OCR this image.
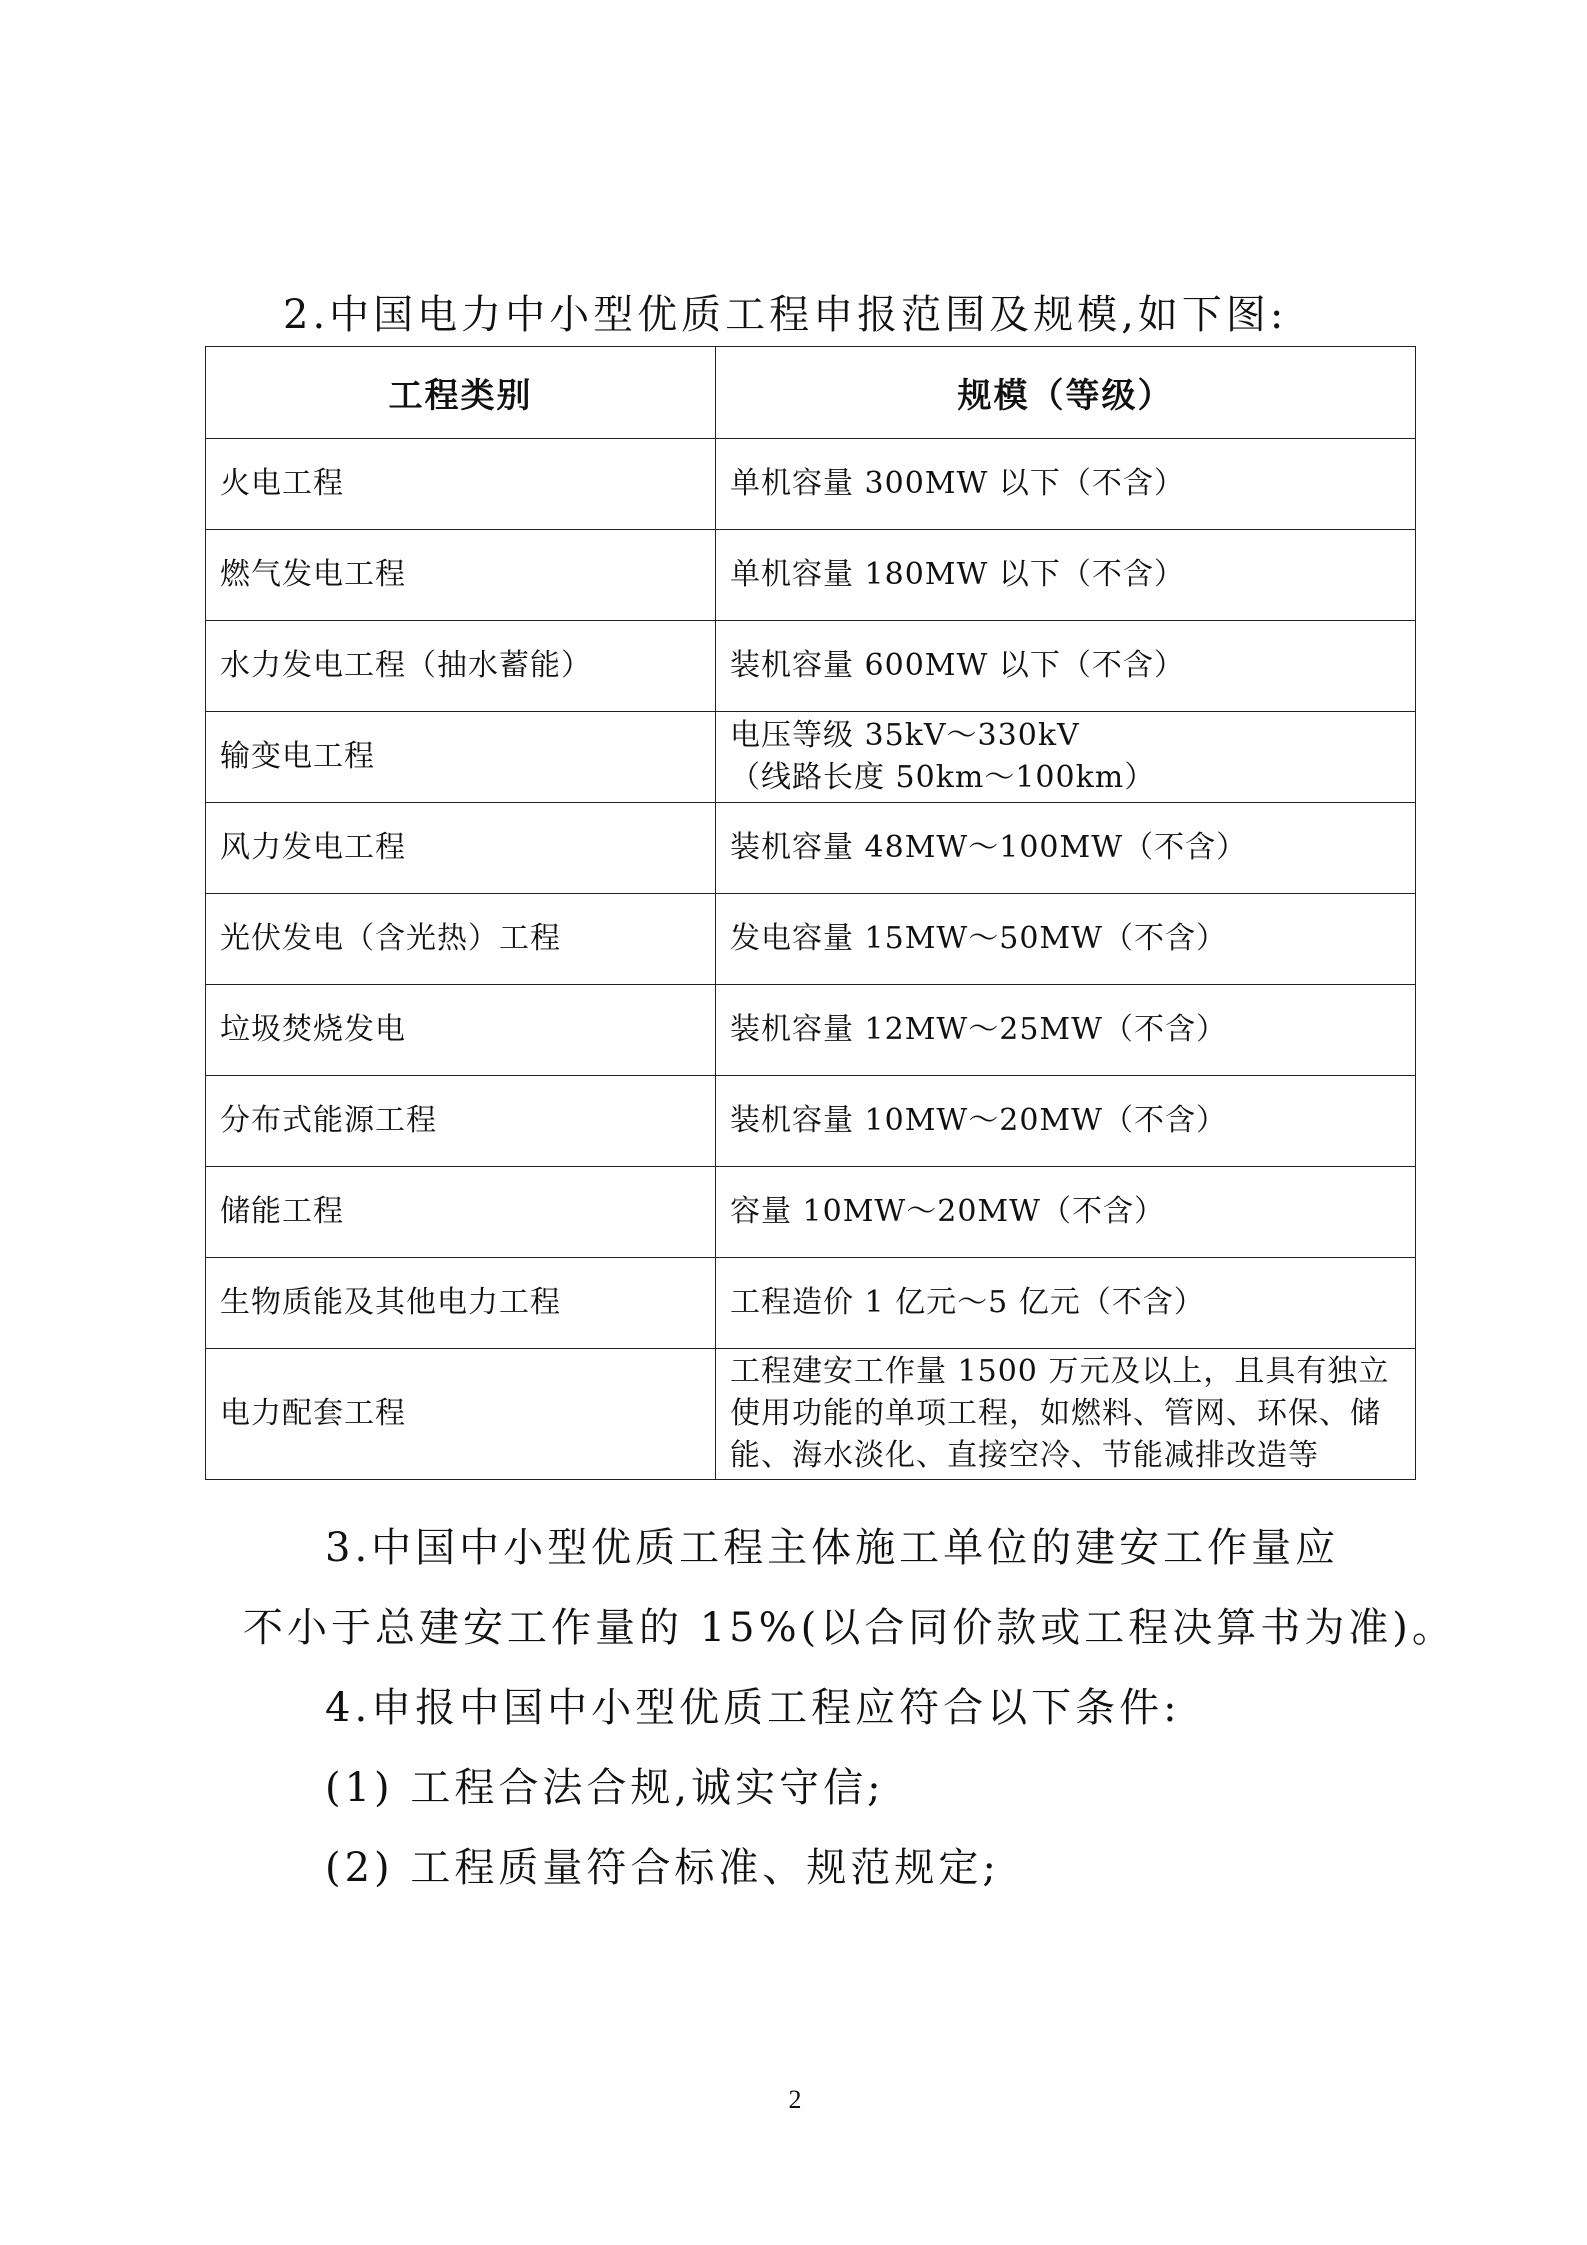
2.中国电力中小型优质工程申报范围及规模,如下图:
工程类别	规模（等级）
火电工程	单机容量 300MW 以下（不含）

燃气发电工程	单机容量 180MW 以下（不含）

水力发电工程（抽水蓄能）	装机容量 600MW 以下（不含）

输变电工程	电压等级 35kV～330kV
（线路长度 50km～100km）

风力发电工程	装机容量 48MW～100MW（不含）

光伏发电（含光热）工程	发电容量 15MW～50MW（不含）

垃圾焚烧发电	装机容量 12MW～25MW（不含）

分布式能源工程	装机容量 10MW～20MW（不含）

储能工程	容量 10MW～20MW（不含）

生物质能及其他电力工程	工程造价 1 亿元～5 亿元（不含）

电力配套工程	工程建安工作量 1500 万元及以上，且具有独立
使用功能的单项工程，如燃料、管网、环保、储
能、海水淡化、直接空冷、节能减排改造等
3.中国中小型优质工程主体施工单位的建安工作量应
不小于总建安工作量的 15%(以合同价款或工程决算书为准)。
4.申报中国中小型优质工程应符合以下条件:
(1) 工程合法合规,诚实守信;
(2) 工程质量符合标准、规范规定;
2
